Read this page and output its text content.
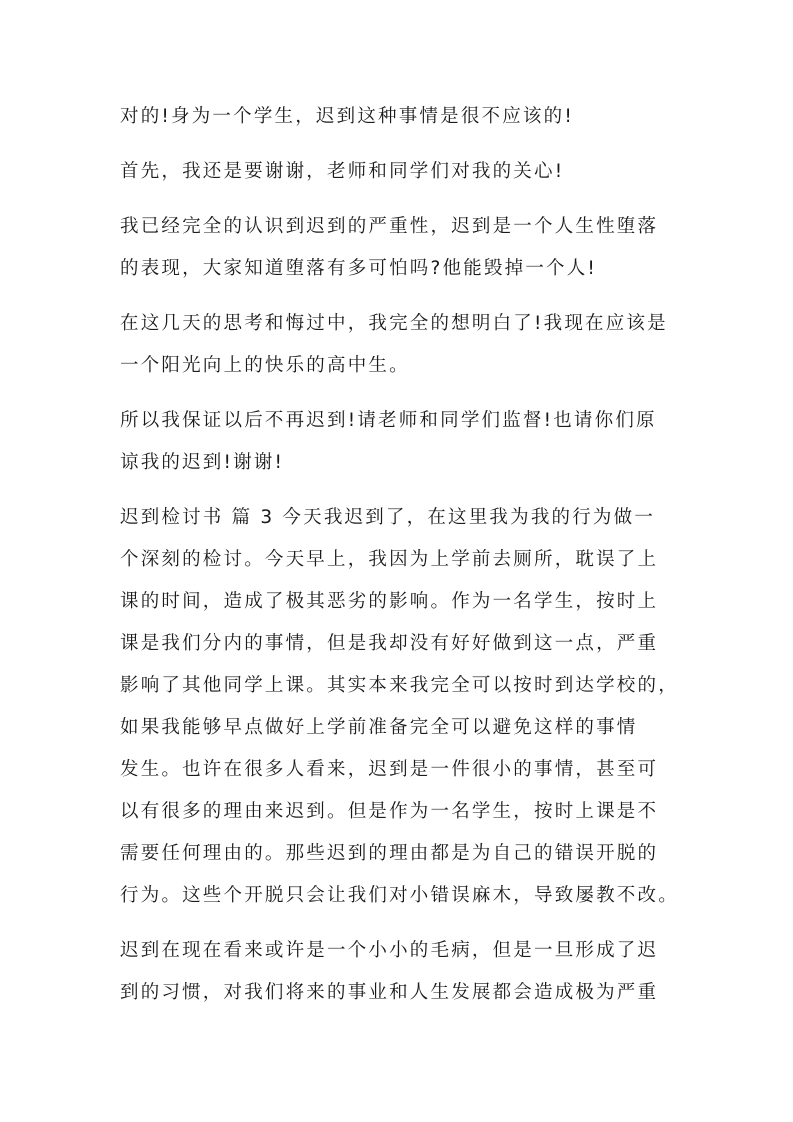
对的!身为一个学生，迟到这种事情是很不应该的!

首先，我还是要谢谢，老师和同学们对我的关心!

我已经完全的认识到迟到的严重性，迟到是一个人生性堕落
的表现，大家知道堕落有多可怕吗?他能毁掉一个人!

在这几天的思考和悔过中，我完全的想明白了!我现在应该是
一个阳光向上的快乐的高中生。

所以我保证以后不再迟到!请老师和同学们监督!也请你们原
谅我的迟到!谢谢!

迟到检讨书 篇 3 今天我迟到了，在这里我为我的行为做一
个深刻的检讨。今天早上，我因为上学前去厕所，耽误了上
课的时间，造成了极其恶劣的影响。作为一名学生，按时上
课是我们分内的事情，但是我却没有好好做到这一点，严重
影响了其他同学上课。其实本来我完全可以按时到达学校的，
如果我能够早点做好上学前准备完全可以避免这样的事情
发生。也许在很多人看来，迟到是一件很小的事情，甚至可
以有很多的理由来迟到。但是作为一名学生，按时上课是不
需要任何理由的。那些迟到的理由都是为自己的错误开脱的
行为。这些个开脱只会让我们对小错误麻木，导致屡教不改。

迟到在现在看来或许是一个小小的毛病，但是一旦形成了迟
到的习惯，对我们将来的事业和人生发展都会造成极为严重
